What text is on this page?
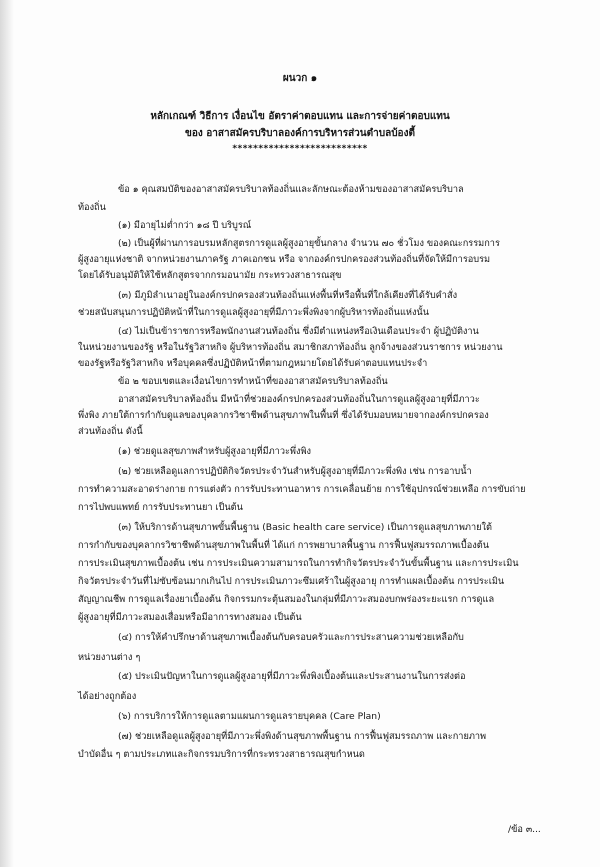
ผนวก ๑
หลักเกณฑ์ วิธีการ เงื่อนไข อัตราค่าตอบแทน และการจ่ายค่าตอบแทน
ของ อาสาสมัครบริบาลองค์การบริหารส่วนตำบลบ้องตี้
**************************
ข้อ ๑ คุณสมบัติของอาสาสมัครบริบาลท้องถิ่นและลักษณะต้องห้ามของอาสาสมัครบริบาล
ท้องถิ่น
(๑) มีอายุไม่ต่ำกว่า ๑๘ ปี บริบูรณ์
(๒) เป็นผู้ที่ผ่านการอบรมหลักสูตรการดูแลผู้สูงอายุขั้นกลาง จำนวน ๗๐ ชั่วโมง ของคณะกรรมการ
ผู้สูงอายุแห่งชาติ จากหน่วยงานภาครัฐ ภาคเอกชน หรือ จากองค์กรปกครองส่วนท้องถิ่นที่จัดให้มีการอบรม
โดยได้รับอนุมัติให้ใช้หลักสูตรจากกรมอนามัย กระทรวงสาธารณสุข
(๓) มีภูมิลำเนาอยู่ในองค์กรปกครองส่วนท้องถิ่นแห่งพื้นที่หรือพื้นที่ใกล้เคียงที่ได้รับคำสั่ง
ช่วยสนับสนุนการปฏิบัติหน้าที่ในการดูแลผู้สูงอายุที่มีภาวะพึ่งพิงจากผู้บริหารท้องถิ่นแห่งนั้น
(๔) ไม่เป็นข้าราชการหรือพนักงานส่วนท้องถิ่น ซึ่งมีตำแหน่งหรือเงินเดือนประจำ ผู้ปฏิบัติงาน
ในหน่วยงานของรัฐ หรือในรัฐวิสาหกิจ ผู้บริหารท้องถิ่น สมาชิกสภาท้องถิ่น ลูกจ้างของส่วนราชการ หน่วยงาน
ของรัฐหรือรัฐวิสาหกิจ หรือบุคคลซึ่งปฏิบัติหน้าที่ตามกฎหมายโดยได้รับค่าตอบแทนประจำ
ข้อ ๒ ขอบเขตและเงื่อนไขการทำหน้าที่ของอาสาสมัครบริบาลท้องถิ่น
อาสาสมัครบริบาลท้องถิ่น มีหน้าที่ช่วยองค์กรปกครองส่วนท้องถิ่นในการดูแลผู้สูงอายุที่มีภาวะ
พึ่งพิง ภายใต้การกำกับดูแลของบุคลากรวิชาชีพด้านสุขภาพในพื้นที่ ซึ่งได้รับมอบหมายจากองค์กรปกครอง
ส่วนท้องถิ่น ดังนี้
(๑) ช่วยดูแลสุขภาพสำหรับผู้สูงอายุที่มีภาวะพึ่งพิง
(๒) ช่วยเหลือดูแลการปฏิบัติกิจวัตรประจำวันสำหรับผู้สูงอายุที่มีภาวะพึ่งพิง เช่น การอาบน้ำ
การทำความสะอาดร่างกาย การแต่งตัว การรับประทานอาหาร การเคลื่อนย้าย การใช้อุปกรณ์ช่วยเหลือ การขับถ่าย
การไปพบแพทย์ การรับประทานยา เป็นต้น
(๓) ให้บริการด้านสุขภาพขั้นพื้นฐาน (Basic health care service) เป็นการดูแลสุขภาพภายใต้
การกำกับของบุคลากรวิชาชีพด้านสุขภาพในพื้นที่ ได้แก่ การพยาบาลพื้นฐาน การฟื้นฟูสมรรถภาพเบื้องต้น
การประเมินสุขภาพเบื้องต้น เช่น การประเมินความสามารถในการทำกิจวัตรประจำวันขั้นพื้นฐาน และการประเมิน
กิจวัตรประจำวันที่ไม่ซับซ้อนมากเกินไป การประเมินภาวะซึมเศร้าในผู้สูงอายุ การทำแผลเบื้องต้น การประเมิน
สัญญาณชีพ การดูแลเรื่องยาเบื้องต้น กิจกรรมกระตุ้นสมองในกลุ่มที่มีภาวะสมองบกพร่องระยะแรก การดูแล
ผู้สูงอายุที่มีภาวะสมองเสื่อมหรือมีอาการทางสมอง เป็นต้น
(๔) การให้คำปรึกษาด้านสุขภาพเบื้องต้นกับครอบครัวและการประสานความช่วยเหลือกับ
หน่วยงานต่าง ๆ
(๕) ประเมินปัญหาในการดูแลผู้สูงอายุที่มีภาวะพึ่งพิงเบื้องต้นและประสานงานในการส่งต่อ
ได้อย่างถูกต้อง
(๖) การบริการให้การดูแลตามแผนการดูแลรายบุคคล (Care Plan)
(๗) ช่วยเหลือดูแลผู้สูงอายุที่มีภาวะพึ่งพิงด้านสุขภาพพื้นฐาน การฟื้นฟูสมรรถภาพ และกายภาพ
บำบัดอื่น ๆ ตามประเภทและกิจกรรมบริการที่กระทรวงสาธารณสุขกำหนด
/ข้อ ๓...
